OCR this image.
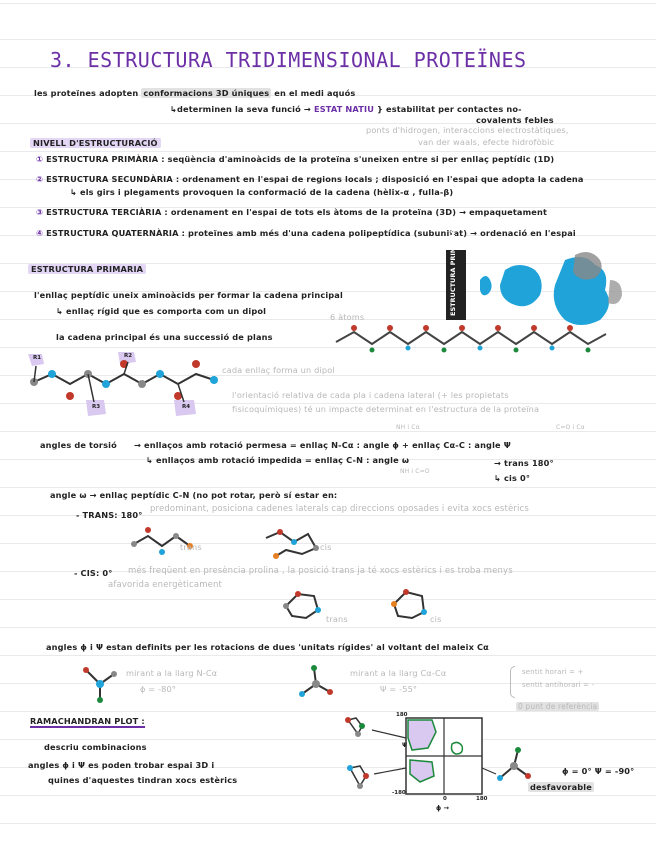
3. ESTRUCTURA TRIDIMENSIONAL PROTEÏNES
les proteïnes adopten conformacions 3D úniques en el medi aquós
↳determinen la seva funció → ESTAT NATIU } estabilitat per contactes no-
covalents febles
ponts d'hidrogen, interaccions electrostàtiques,
van der waals, efecte hidrofòbic
NIVELL D'ESTRUCTURACIÓ
① ESTRUCTURA PRIMÀRIA : seqüència d'aminoàcids de la proteïna s'uneixen entre si per enllaç peptídic (1D)
② ESTRUCTURA SECUNDÀRIA : ordenament en l'espai de regions locals ; disposició en l'espai que adopta la cadena
↳ els girs i plegaments provoquen la conformació de la cadena (hèlix-α , fulla-β)
③ ESTRUCTURA TERCIÀRIA : ordenament en l'espai de tots els àtoms de la proteïna (3D) → empaquetament
④ ESTRUCTURA QUATERNÀRIA : proteïnes amb més d'una cadena polipeptídica (subunitat) → ordenació en l'espai
ESTRUCTURA PRIMARIA
l'enllaç peptídic uneix aminoàcids per formar la cadena principal
↳ enllaç rígid que es comporta com un dipol
la cadena principal és una successió de plans
6 àtoms
cada enllaç forma un dipol
l'orientació relativa de cada pla i cadena lateral (+ les propietats
fisicoquímiques) té un impacte determinat en l'estructura de la proteïna
ESTRUCTURA PRIMÀRIA
R1	R2
R3	R4
NH i Cα	C=O i Cα
angles de torsió → enllaços amb rotació permesa = enllaç N-Cα : angle ϕ + enllaç Cα-C : angle Ψ
↳ enllaços amb rotació impedida = enllaç C-N : angle ω
NH i C=O
→ trans 180°
↳ cis 0°
angle ω → enllaç peptídic C-N (no pot rotar, però sí estar en:
- TRANS: 180°
predominant, posiciona cadenes laterals cap direccions oposades i evita xocs estèrics
trans	cis
- CIS: 0° més freqüent en presència prolina , la posició trans ja té xocs estèrics i es troba menys
afavorida energèticament
trans	cis
angles ϕ i Ψ estan definits per les rotacions de dues 'unitats rígides' al voltant del maleix Cα
mirant a la llarg N-Cα
ϕ = -80°
mirant a la llarg Cα-Cα
Ψ = -55°
sentit horari = +
sentit antihorari = -
0 punt de referència
RAMACHANDRAN PLOT :
descriu combinacions
angles ϕ i Ψ es poden trobar espai 3D i
quines d'aquestes tindran xocs estèrics
180
-180
Ψ
0	180
ϕ →
ϕ = 0° Ψ = -90°
desfavorable
